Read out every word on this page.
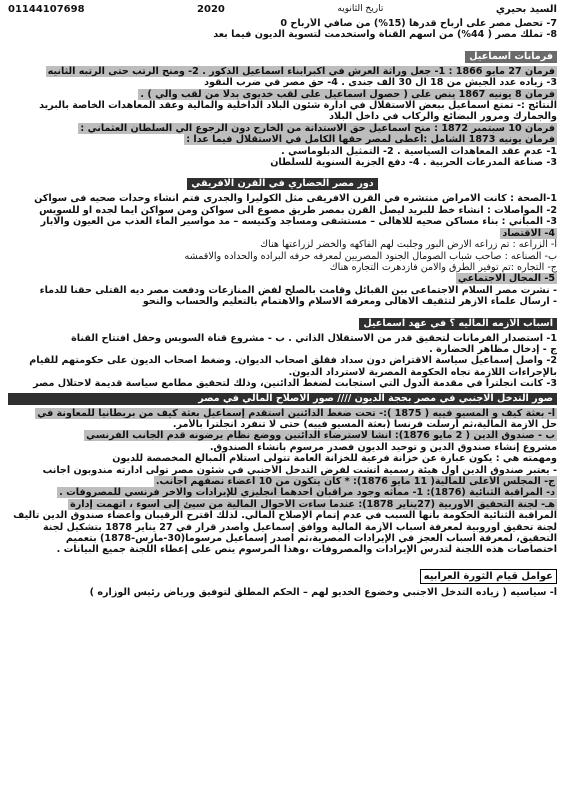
السيد بحيري
تاريخ الثانويه
2020
01144107698
7- تحصل مصر على أرباح قدرها (15%) من صافي الأرباح 0
8- تملك مصر ( 44%) من أسهم القناة واستخدمت لتسوية الديون فيما بعد
فرمانات اسماعيل
فرمان 27 مايو 1866 : 1- جعل وراثة العرش في اكبرابناء اسماعيل الذكور . 2- ومنح الرتب حتى الرتبه الثانيه
3- زياده عدد الجيش من 18 ال 30 الف جندى . 4- حق مصر في ضرب النقود
فرمان 8 يونيه 1867 ينص على ( حصول اسماعيل على لقب خديوى بدلا من لقب والي ) .
النتائج :- تمتع اسماعيل ببعض الاستقلال في ادارة شئون البلاد الداخلية والمالية وعقد المعاهدات الخاصة بالبريد
والجمارك ومرور البضائع والركاب في داخل البلاد
فرمان 10 سبتمبر 1872 : منح اسماعيل حق الاستدانة من الخارج دون الرجوع الي السلطان العثماني :
فرمان يونيه 1873 الشامل :أعطى لمصر حقها الكامل في الاستقلال فيما عدا :
1- عدم عقد المعاهدات السياسية . 2- التمثيل الدبلوماسي .
3- صناعة المدرعات الحربية . 4- دفع الجزية السنوية للسلطان
دور مصر الحضاري في القرن الافريقي
1-الصحة : كانت الامراض منتشره في القرن الافريقى مثل الكوليرا والجدرى فتم انشاء وحدات صحيه فى سواكن
2- المواصلات : انشاء خط للبريد ليصل القرن بمصر طريق مصوع الى سواكن ومن سواكن ايما لجده او للسويس
3- المباني : بناء مساكن صحيه للاهالى – مستشفى ومساجد وكنيسه – مد مواسير الماء العذب من العيون والابار
4- الاقتصاد
أ- الزراعه : تم زراعه الارض البور وجلبت لهم الفاكهه والخضر لزراعتها هناك
ب- الصناعه : صاحب شباب الصومال الجنود المصريين لمعرفه حرفه البراده والحداده والاقمشه
ج- التجاره :تم توفير الطرق والامن فازدهرت التجاره هناك
5- المجال الاجتماعي
- نشرت مصر السلام الاجتماعى بين القبائل وقامت بالصلح لفض المنازعات ودفعت مصر ديه القتلى حقنا للدماء
- ارسال علماء الازهر لتثقيف الاهالى ومعرفه الاسلام والاهتمام بالتعليم والحساب والنحو
اسباب الازمه الماليه ؟ في عهد اسماعيل
1- استصدار الفرمانات لتحقيق قدر من الاستقلال الذاتي . ب - مشروع قناة السويس وحفل افتتاح القناة
ج - إدخال مظاهر الحضارة .
2- واصل إسماعيل سياسة الاقتراض دون سداد فقلق أصحاب الديوان. وضغط أصحاب الديون على حكومتهم للقيام
بالإجراءات اللازمة تجاه الحكومة المصرية لاسترداد الديون.
3- كانت انجلترا في مقدمة الدول التي استجابت لضغط الدائنين، وذلك لتحقيق مطامع سياسة قديمة لاحتلال مصر
صور التدخل الاجنبي في مصر بحجة الديون //// صور الاصلاح المالي في مصر
أ- بعثة كيف و المسيو فييه ( 1875 ):- تحت ضغط الدائنين استقدم إسماعيل بعثة كيف من بريطانيا للمعاونة في
حل الازمة المالية،ثم أرسلت فرنسا (بعثة المسيو فييه) حتى لا تنفرد انجلترا بالأمر.
ب - صندوق الدين ( 2 مايو 1876): انشا لاسترضاء الدائنين ووضع نظام يرضونه قدم الجانب الفرنسي
مشروع إنشاء صندوق الدين و توحيد الديون فصدر مرسوم بانشاء الصندوق.
ومهمته هي : يكون عبارة عن خزانة فرعية للخزانة العامة تتولى استلام المبالغ المخصصة للديون
- يعتبر صندوق الدين أول هيئة رسمية أتشت لفرض التدخل الأجنبي في شئون مصر تولى ادارته مندوبون أجانب
ج- المجلس الأعلى للمالية( 11 مايو 1876): * كان يتكون من 10 أعضاء نصفهم أجانب.
د- المراقبة الثنائية (1876): 1- مماثه وجود مراقبان احدهما انجليزي للإيرادات والاخر فرنسي للمصروفات .
هـ- لجنة التحقيق الأوربية (27يناير 1878): عندما ساءت الأحوال المالية من سيئ إلى أسوء ، اتهمت إدارة
المراقبة الثنائية الحكومة بأنها السبب في عدم إتمام الإصلاح المالي. لذلك اقترح الرقيبان وأعضاء صندوق الدين تأليف
لجنة تحقيق أوروبية لمعرفة أسباب الأزمة المالية ووافق إسماعيل وأصدر قرار في 27 يناير 1878 بتشكيل لجنة
التحقيق، لمعرفة أسباب العجز في الإيرادات المصرية،ثم أصدر إسماعيل مرسوما(30-مارس-1878) بتعميم
اختصاصات هذه اللجنة لتدرس الإيرادات والمصروفات ،وهذا المرسوم ينص على إعطاء اللجنة جميع البيانات .
عوامل قيام الثورة العرابيه
أ- سياسيه ( زياده التدخل الاجنبي وخضوع الخديو لهم – الحكم المطلق لتوفيق ورياض رئيس الوزاره )
